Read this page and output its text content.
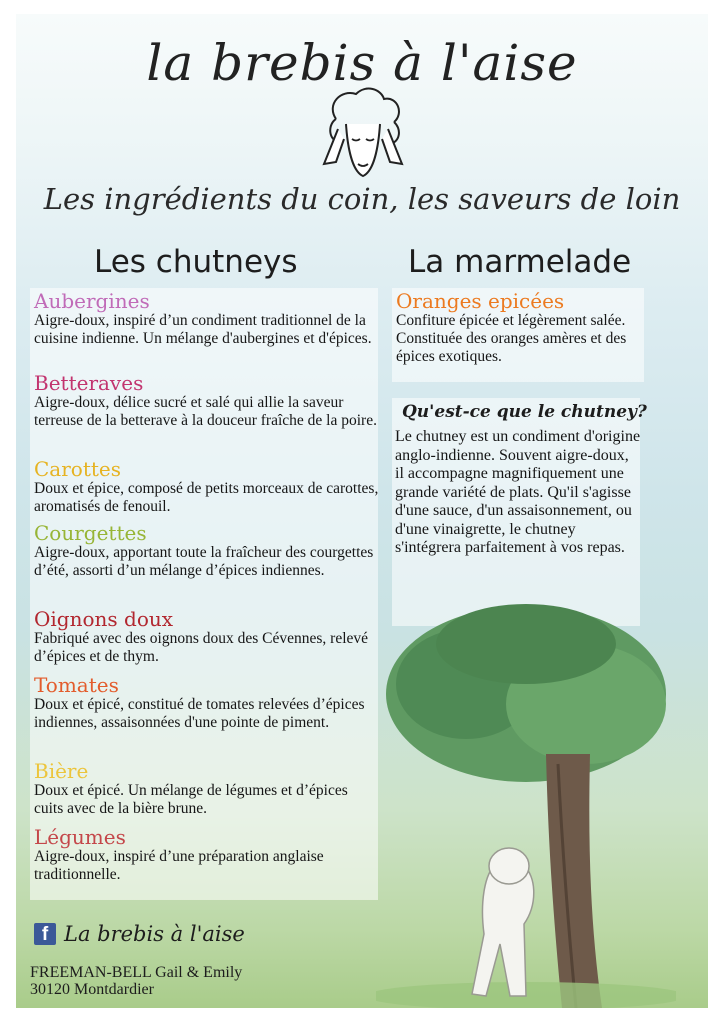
la brebis à l'aise
Les ingrédients du coin, les saveurs de loin
Les chutneys	La marmelade
Aubergines
Aigre-doux, inspiré d’un condiment traditionnel de la cuisine indienne. Un mélange d'aubergines et d'épices.
Betteraves
Aigre-doux, délice sucré et salé qui allie la saveur terreuse de la betterave à la douceur fraîche de la poire.
Carottes
Doux et épice, composé de petits morceaux de carottes, aromatisés de fenouil.
Courgettes
Aigre-doux, apportant toute la fraîcheur des courgettes d’été, assorti d’un mélange d’épices indiennes.
Oignons doux
Fabriqué avec des oignons doux des Cévennes, relevé d’épices et de thym.
Tomates
Doux et épicé, constitué de tomates relevées d’épices indiennes, assaisonnées d'une pointe de piment.
Bière
Doux et épicé. Un mélange de légumes et d’épices cuits avec de la bière brune.
Légumes
Aigre-doux, inspiré d’une préparation anglaise traditionnelle.
Oranges epicées
Confiture épicée et légèrement salée. Constituée des oranges amères et des épices exotiques.
Qu'est-ce que le chutney?
Le chutney est un condiment d'origine anglo-indienne. Souvent aigre-doux, il accompagne magnifiquement une grande variété de plats. Qu'il s'agisse d'une sauce, d'un assaisonnement, ou d'une vinaigrette, le chutney s'intégrera parfaitement à vos repas.
f La brebis à l'aise
FREEMAN-BELL Gail & Emily
30120 Montdardier
